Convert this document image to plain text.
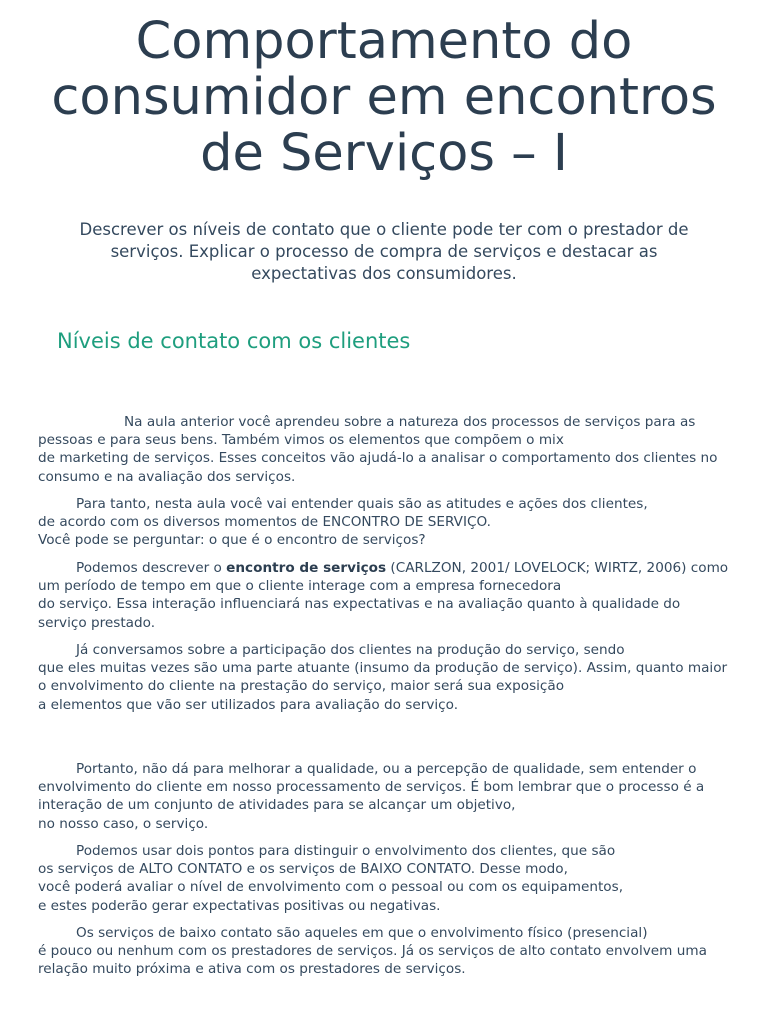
Comportamento do
consumidor em encontros
de Serviços – I

Descrever os níveis de contato que o cliente pode ter com o prestador de
serviços. Explicar o processo de compra de serviços e destacar as
expectativas dos consumidores.

Níveis de contato com os clientes

Na aula anterior você aprendeu sobre a natureza dos processos de serviços para as
pessoas e para seus bens. Também vimos os elementos que compõem o mix
de marketing de serviços. Esses conceitos vão ajudá-lo a analisar o comportamento dos clientes no
consumo e na avaliação dos serviços.

Para tanto, nesta aula você vai entender quais são as atitudes e ações dos clientes,
de acordo com os diversos momentos de ENCONTRO DE SERVIÇO.
Você pode se perguntar: o que é o encontro de serviços?

Podemos descrever o encontro de serviços (CARLZON, 2001/ LOVELOCK; WIRTZ, 2006) como
um período de tempo em que o cliente interage com a empresa fornecedora
do serviço. Essa interação influenciará nas expectativas e na avaliação quanto à qualidade do
serviço prestado.

Já conversamos sobre a participação dos clientes na produção do serviço, sendo
que eles muitas vezes são uma parte atuante (insumo da produção de serviço). Assim, quanto maior
o envolvimento do cliente na prestação do serviço, maior será sua exposição
a elementos que vão ser utilizados para avaliação do serviço.

Portanto, não dá para melhorar a qualidade, ou a percepção de qualidade, sem entender o
envolvimento do cliente em nosso processamento de serviços. É bom lembrar que o processo é a
interação de um conjunto de atividades para se alcançar um objetivo,
no nosso caso, o serviço.

Podemos usar dois pontos para distinguir o envolvimento dos clientes, que são
os serviços de ALTO CONTATO e os serviços de BAIXO CONTATO. Desse modo,
você poderá avaliar o nível de envolvimento com o pessoal ou com os equipamentos,
e estes poderão gerar expectativas positivas ou negativas.

Os serviços de baixo contato são aqueles em que o envolvimento físico (presencial)
é pouco ou nenhum com os prestadores de serviços. Já os serviços de alto contato envolvem uma
relação muito próxima e ativa com os prestadores de serviços.
